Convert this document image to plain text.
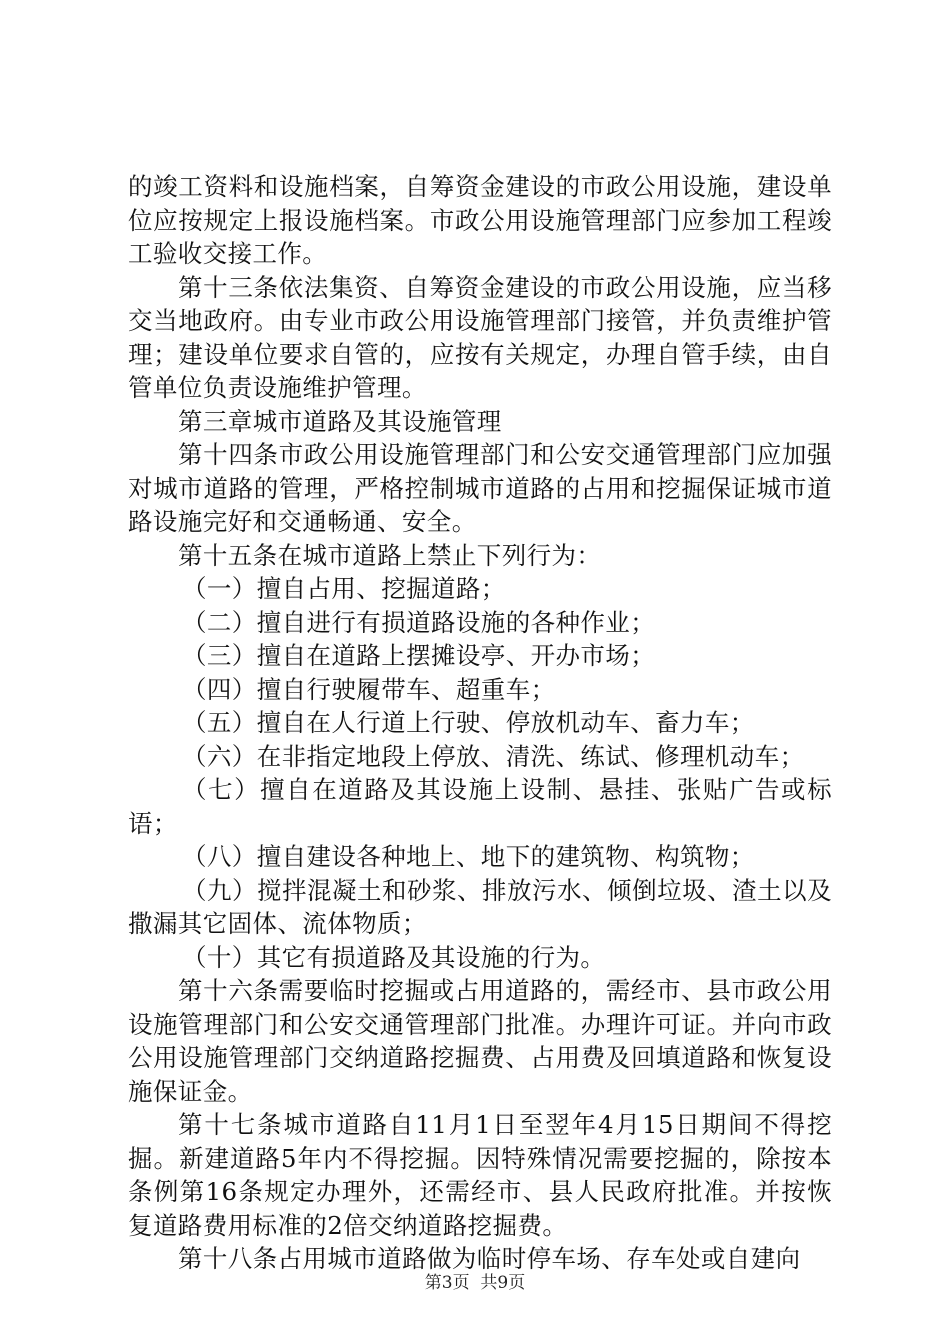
的竣工资料和设施档案，自筹资金建设的市政公用设施，建设单位应按规定上报设施档案。市政公用设施管理部门应参加工程竣工验收交接工作。

第十三条依法集资、自筹资金建设的市政公用设施，应当移交当地政府。由专业市政公用设施管理部门接管，并负责维护管理；建设单位要求自管的，应按有关规定，办理自管手续，由自管单位负责设施维护管理。

第三章城市道路及其设施管理

第十四条市政公用设施管理部门和公安交通管理部门应加强对城市道路的管理，严格控制城市道路的占用和挖掘保证城市道路设施完好和交通畅通、安全。

第十五条在城市道路上禁止下列行为：

（一）擅自占用、挖掘道路；

（二）擅自进行有损道路设施的各种作业；

（三）擅自在道路上摆摊设亭、开办市场；

（四）擅自行驶履带车、超重车；

（五）擅自在人行道上行驶、停放机动车、畜力车；

（六）在非指定地段上停放、清洗、练试、修理机动车；

（七）擅自在道路及其设施上设制、悬挂、张贴广告或标语；

（八）擅自建设各种地上、地下的建筑物、构筑物；

（九）搅拌混凝土和砂浆、排放污水、倾倒垃圾、渣土以及撒漏其它固体、流体物质；

（十）其它有损道路及其设施的行为。

第十六条需要临时挖掘或占用道路的，需经市、县市政公用设施管理部门和公安交通管理部门批准。办理许可证。并向市政公用设施管理部门交纳道路挖掘费、占用费及回填道路和恢复设施保证金。

第十七条城市道路自11月1日至翌年4月15日期间不得挖掘。新建道路5年内不得挖掘。因特殊情况需要挖掘的，除按本条例第16条规定办理外，还需经市、县人民政府批准。并按恢复道路费用标准的2倍交纳道路挖掘费。

第十八条占用城市道路做为临时停车场、存车处或自建向

第3页  共9页
